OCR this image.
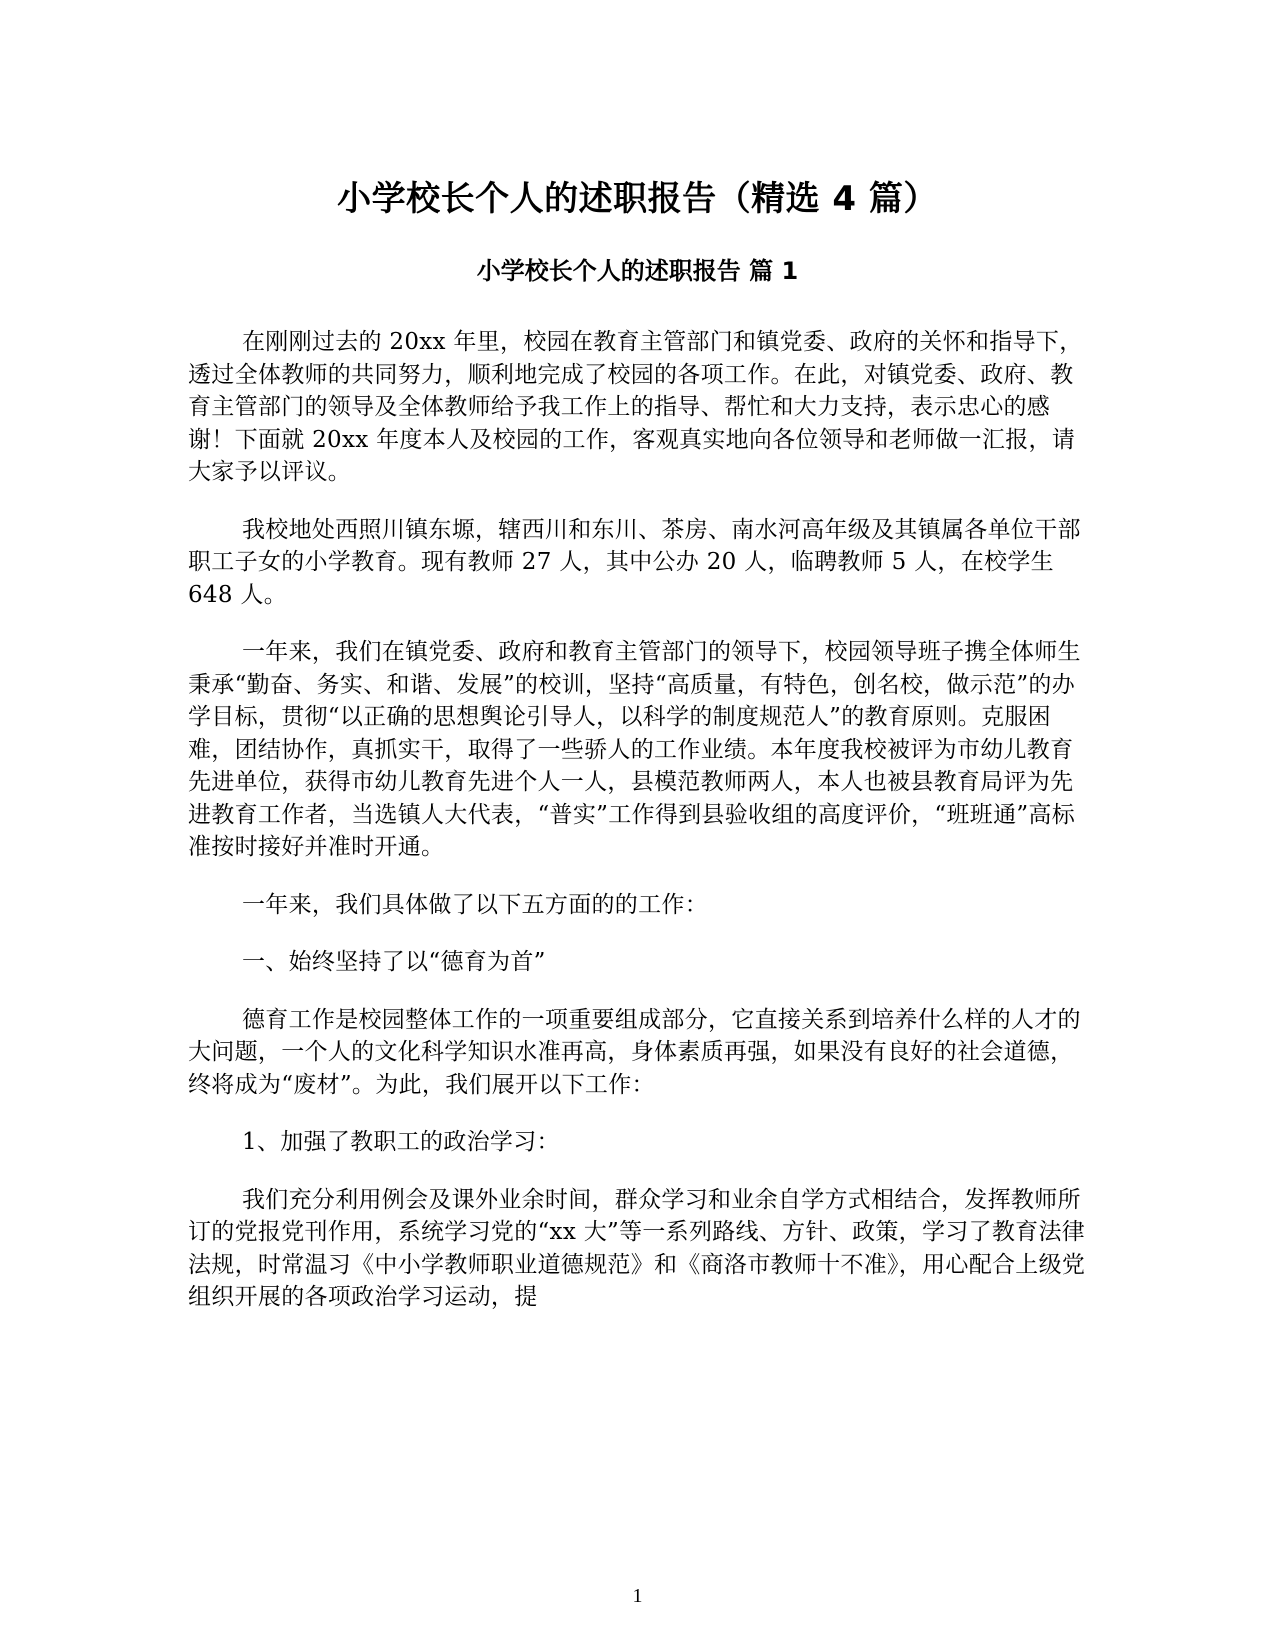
小学校长个人的述职报告（精选 4 篇）
小学校长个人的述职报告 篇 1

在刚刚过去的 20xx 年里，校园在教育主管部门和镇党委、政府的关怀和指导下，透过全体教师的共同努力，顺利地完成了校园的各项工作。在此，对镇党委、政府、教育主管部门的领导及全体教师给予我工作上的指导、帮忙和大力支持，表示忠心的感谢！下面就 20xx 年度本人及校园的工作，客观真实地向各位领导和老师做一汇报，请大家予以评议。

我校地处西照川镇东塬，辖西川和东川、茶房、南水河高年级及其镇属各单位干部职工子女的小学教育。现有教师 27 人，其中公办 20 人，临聘教师 5 人，在校学生 648 人。

一年来，我们在镇党委、政府和教育主管部门的领导下，校园领导班子携全体师生秉承“勤奋、务实、和谐、发展”的校训，坚持“高质量，有特色，创名校，做示范”的办学目标，贯彻“以正确的思想舆论引导人，以科学的制度规范人”的教育原则。克服困难，团结协作，真抓实干，取得了一些骄人的工作业绩。本年度我校被评为市幼儿教育先进单位，获得市幼儿教育先进个人一人，县模范教师两人，本人也被县教育局评为先进教育工作者，当选镇人大代表，“普实”工作得到县验收组的高度评价，“班班通”高标准按时接好并准时开通。

一年来，我们具体做了以下五方面的的工作：

一、始终坚持了以“德育为首”

德育工作是校园整体工作的一项重要组成部分，它直接关系到培养什么样的人才的大问题，一个人的文化科学知识水准再高，身体素质再强，如果没有良好的社会道德，终将成为“废材”。为此，我们展开以下工作：

1、加强了教职工的政治学习：

我们充分利用例会及课外业余时间，群众学习和业余自学方式相结合，发挥教师所订的党报党刊作用，系统学习党的“xx 大”等一系列路线、方针、政策，学习了教育法律法规，时常温习《中小学教师职业道德规范》和《商洛市教师十不准》，用心配合上级党组织开展的各项政治学习运动，提

1
